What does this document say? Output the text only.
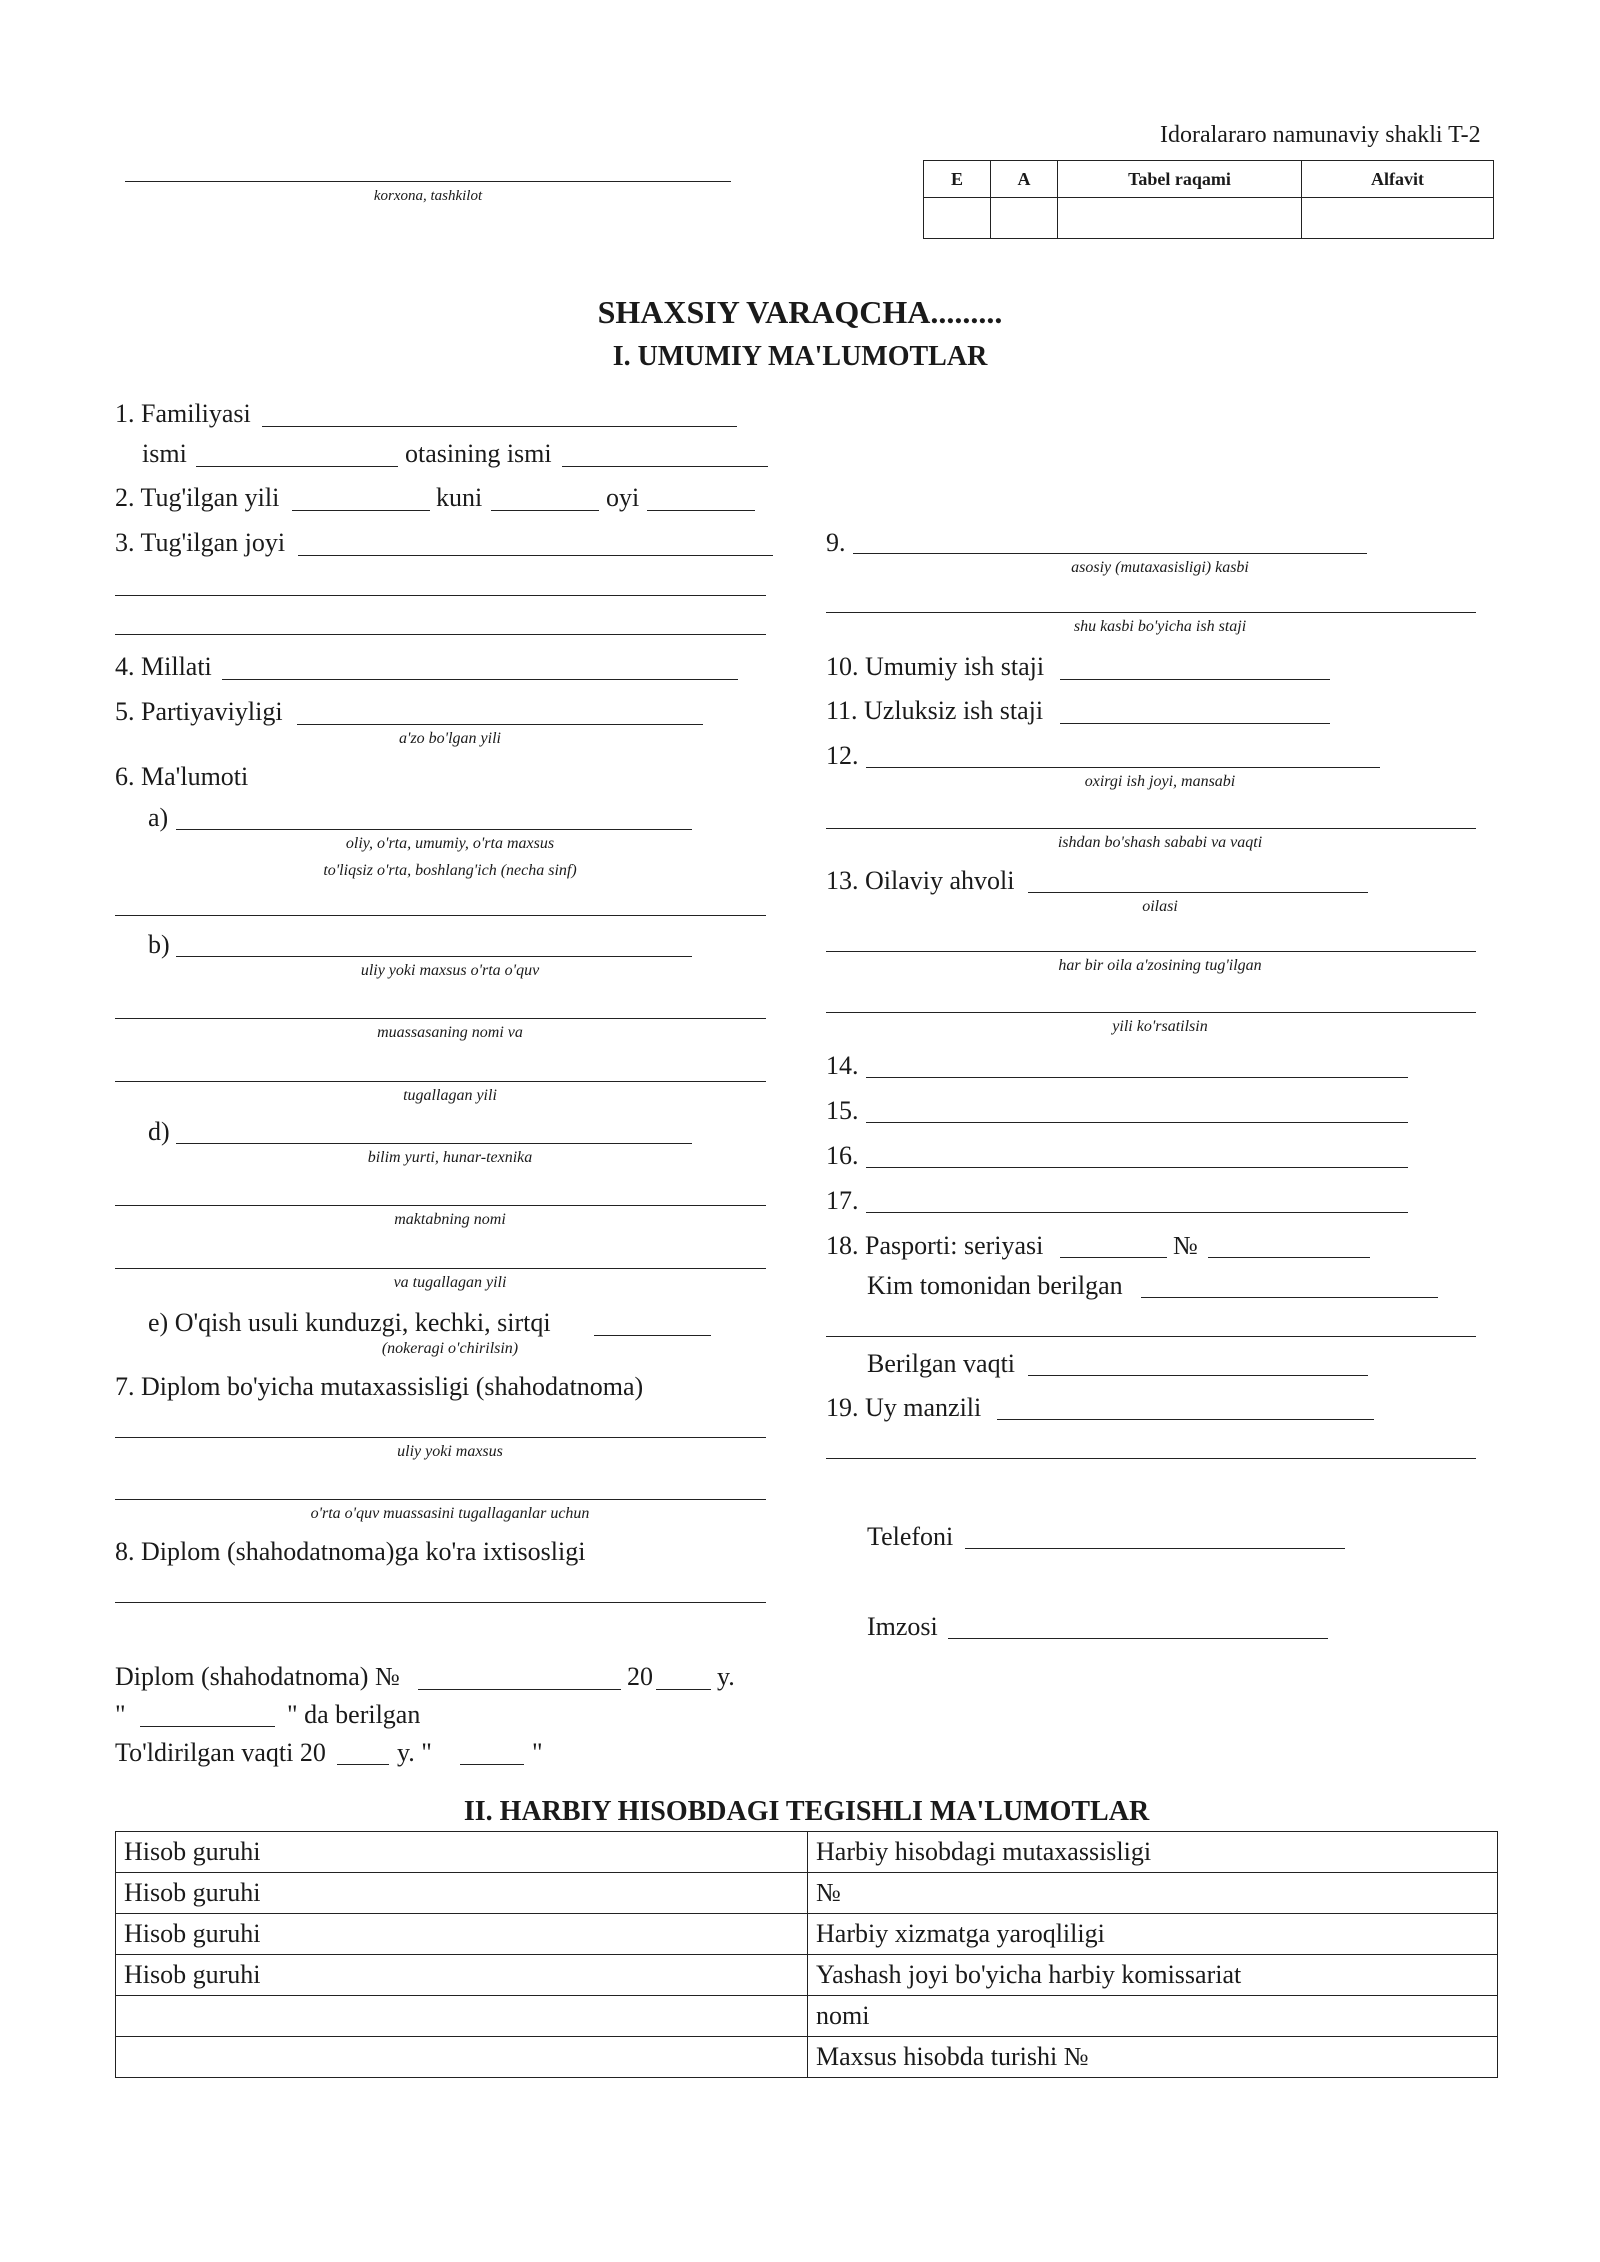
Idoralararo namunaviy shakli T-2
korxona, tashkilot
E	A	Tabel raqami	Alfavit

SHAXSIY VARAQCHA.........
I. UMUMIY MA'LUMOTLAR
1. Familiyasi
ismi	otasining ismi
2. Tug'ilgan yili	kuni	oyi
3. Tug'ilgan joyi
4. Millati
5. Partiyaviyligi
a'zo bo'lgan yili
6. Ma'lumoti
a)
oliy, o'rta, umumiy, o'rta maxsus
to'liqsiz o'rta, boshlang'ich (necha sinf)
b)
uliy yoki maxsus o'rta o'quv
muassasaning nomi va
tugallagan yili
d)
bilim yurti, hunar-texnika
maktabning nomi
va tugallagan yili
e) O'qish usuli kunduzgi, kechki, sirtqi
(nokeragi o'chirilsin)
7. Diplom bo'yicha mutaxassisligi (shahodatnoma)
uliy yoki maxsus
o'rta o'quv muassasini tugallaganlar uchun
8. Diplom (shahodatnoma)ga ko'ra ixtisosligi
Diplom (shahodatnoma) №	20 y.
"	" da berilgan
To'ldirilgan vaqti 20	y. "	"
9.
asosiy (mutaxasisligi) kasbi
shu kasbi bo'yicha ish staji
10. Umumiy ish staji
11. Uzluksiz ish staji
12.
oxirgi ish joyi, mansabi
ishdan bo'shash sababi va vaqti
13. Oilaviy ahvoli
oilasi
har bir oila a'zosining tug'ilgan
yili ko'rsatilsin
14.
15.
16.
17.
18. Pasporti: seriyasi	№
Kim tomonidan berilgan
Berilgan vaqti
19. Uy manzili
Telefoni
Imzosi
II. HARBIY HISOBDAGI TEGISHLI MA'LUMOTLAR
Hisob guruhi	Harbiy hisobdagi mutaxassisligi
Hisob guruhi	№
Hisob guruhi	Harbiy xizmatga yaroqliligi
Hisob guruhi	Yashash joyi bo'yicha harbiy komissariat
	nomi
	Maxsus hisobda turishi №
